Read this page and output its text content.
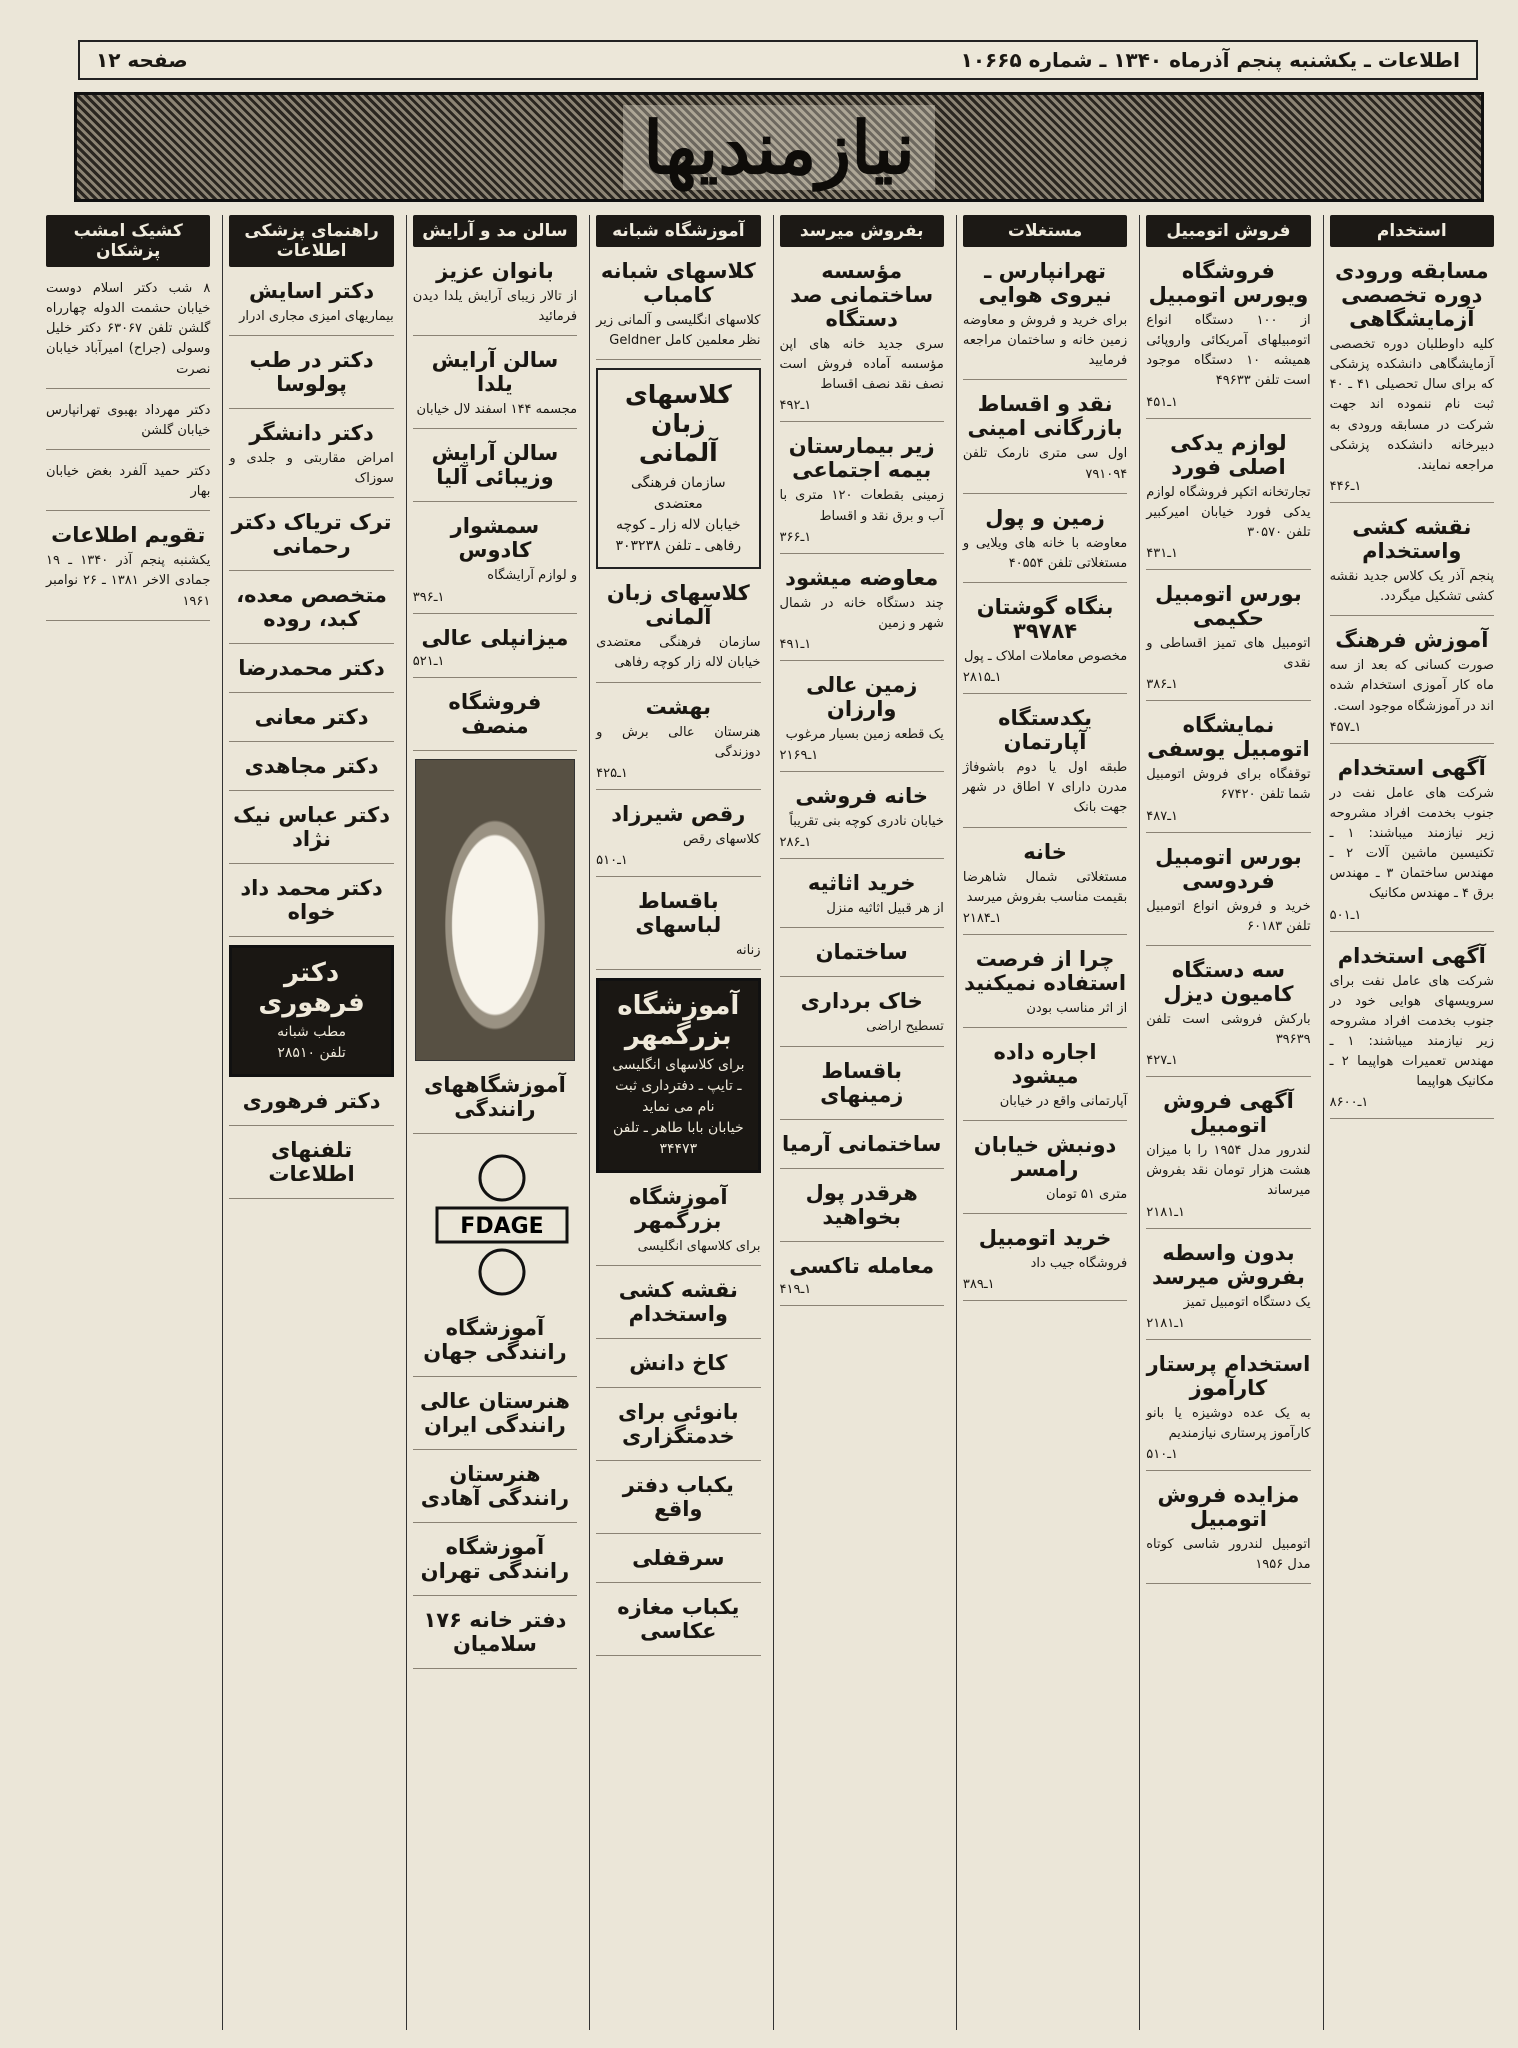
اطلاعات ـ یکشنبه پنجم آذرماه ۱۳۴۰ ـ شماره ۱۰۶۶۵
صفحه ۱۲
نیازمندیها
استخدام
مسابقه ورودی دوره تخصصی آزمایشگاهی

کلیه داوطلبان دوره تخصصی آزمایشگاهی دانشکده پزشکی که برای سال تحصیلی ۴۱ ـ ۴۰ ثبت نام ننموده اند جهت شرکت در مسابقه ورودی به دبیرخانه دانشکده پزشکی مراجعه نمایند.

۱ـ۴۴۶
نقشه کشی واستخدام

پنجم آذر یک کلاس جدید نقشه کشی تشکیل میگردد.

آموزش فرهنگ

صورت کسانی که بعد از سه ماه کار آموزی استخدام شده اند در آموزشگاه موجود است.

۱ـ۴۵۷
آگهی استخدام

شرکت های عامل نفت در جنوب بخدمت افراد مشروحه زیر نیازمند میباشند: ۱ ـ تکنیسین ماشین آلات ۲ ـ مهندس ساختمان ۳ ـ مهندس برق ۴ ـ مهندس مکانیک

۱ـ۵۰۱
آگهی استخدام

شرکت های عامل نفت برای سرویسهای هوایی خود در جنوب بخدمت افراد مشروحه زیر نیازمند میباشند: ۱ ـ مهندس تعمیرات هواپیما ۲ ـ مکانیک هواپیما

۱ـ۸۶۰۰
فروش اتومبیل
فروشگاه ویورس اتومبیل

از ۱۰۰ دستگاه انواع اتومبیلهای آمریکائی واروپائی همیشه ۱۰ دستگاه موجود است تلفن ۴۹۶۳۳

۱ـ۴۵۱
لوازم یدکی اصلی فورد

تجارتخانه اتکپر فروشگاه لوازم یدکی فورد خیابان امیرکبیر تلفن ۳۰۵۷۰

۱ـ۴۳۱
بورس اتومبیل حکیمی

اتومبیل های تمیز اقساطی و نقدی

۱ـ۳۸۶
نمایشگاه اتومبیل یوسفی

توقفگاه برای فروش اتومبیل شما تلفن ۶۷۴۲۰

۱ـ۴۸۷
بورس اتومبیل فردوسی

خرید و فروش انواع اتومبیل تلفن ۶۰۱۸۳

سه دستگاه کامیون دیزل

بارکش فروشی است تلفن ۳۹۶۳۹

۱ـ۴۲۷
آگهی فروش اتومبیل

لندرور مدل ۱۹۵۴ را با میزان هشت هزار تومان نقد بفروش میرساند

۱ـ۲۱۸۱
بدون واسطه بفروش میرسد

یک دستگاه اتومبیل تمیز

۱ـ۲۱۸۱
استخدام پرستار کارآموز

به یک عده دوشیزه یا بانو کارآموز پرستاری نیازمندیم

۱ـ۵۱۰
مزایده فروش اتومبیل

اتومبیل لندرور شاسی کوتاه مدل ۱۹۵۶

مستغلات
تهرانپارس ـ نیروی هوایی

برای خرید و فروش و معاوضه زمین خانه و ساختمان مراجعه فرمایید

نقد و اقساط بازرگانی امینی

اول سی متری نارمک تلفن ۷۹۱۰۹۴

زمین و پول

معاوضه با خانه های ویلایی و مستغلاتی تلفن ۴۰۵۵۴

بنگاه گوشتان ۳۹۷۸۴

مخصوص معاملات املاک ـ پول

۱ـ۲۸۱۵
یکدستگاه آپارتمان

طبقه اول یا دوم باشوفاژ مدرن دارای ۷ اطاق در شهر جهت بانک

خانه

مستغلاتی شمال شاهرضا بقیمت مناسب بفروش میرسد

۱ـ۲۱۸۴
چرا از فرصت استفاده نمیکنید

از اثر مناسب بودن

اجاره داده میشود

آپارتمانی واقع در خیابان

دونبش خیابان رامسر

متری ۵۱ تومان

خرید اتومبیل

فروشگاه جیب داد

۱ـ۳۸۹
بفروش میرسد
مؤسسه ساختمانی صد دستگاه

سری جدید خانه های اپن مؤسسه آماده فروش است نصف نقد نصف اقساط

۱ـ۴۹۲
زیر بیمارستان بیمه اجتماعی

زمینی بقطعات ۱۲۰ متری با آب و برق نقد و اقساط

۱ـ۳۶۶
معاوضه میشود

چند دستگاه خانه در شمال شهر و زمین

۱ـ۴۹۱
زمین عالی وارزان

یک قطعه زمین بسیار مرغوب

۱ـ۲۱۶۹
خانه فروشی

خیابان نادری کوچه بنی تقریباً

۱ـ۲۸۶
خرید اثاثیه

از هر قبیل اثاثیه منزل

ساختمان
خاک برداری

تسطیح اراضی

باقساط زمینهای
ساختمانی آرمیا
هرقدر پول بخواهید
معامله تاکسی
۱ـ۴۱۹
آموزشگاه شبانه
کلاسهای شبانه کامباب

کلاسهای انگلیسی و آلمانی زیر نظر معلمین کامل Geldner

کلاسهای زبان آلمانی
سازمان فرهنگی معتضدی
خیابان لاله زار ـ کوچه رفاهی ـ تلفن ۳۰۳۲۳۸
کلاسهای زبان آلمانی

سازمان فرهنگی معتضدی خیابان لاله زار کوچه رفاهی

بهشت

هنرستان عالی برش و دوزندگی

۱ـ۴۲۵
رقص شیرزاد

کلاسهای رقص

۱ـ۵۱۰
باقساط لباسهای

زنانه

آموزشگاه بزرگمهر
برای کلاسهای انگلیسی ـ تایپ ـ دفترداری ثبت نام می نماید
خیابان بابا طاهر ـ تلفن ۳۴۴۷۳
آموزشگاه بزرگمهر

برای کلاسهای انگلیسی

نقشه کشی واستخدام
کاخ دانش
بانوئی برای خدمتگزاری
یکباب دفتر واقع
سرقفلی
یکباب مغازه عکاسی
سالن مد و آرایش
بانوان عزیز

از تالار زیبای آرایش یلدا دیدن فرمائید

سالن آرایش یلدا

مجسمه ۱۴۴ اسفند لال خیابان

سالن آرایش وزیبائی آلیا
سمشوار کادوس

و لوازم آرایشگاه

۱ـ۳۹۶
میزانپلی عالی
۱ـ۵۲۱
فروشگاه منصف
آموزشگاههای رانندگی
FDAGE
آموزشگاه رانندگی جهان
هنرستان عالی رانندگی ایران
هنرستان رانندگی آهادی
آموزشگاه رانندگی تهران
دفتر خانه ۱۷۶ سلامیان
راهنمای پزشکی اطلاعات
دکتر اسایش

بیماریهای امیزی مجاری ادرار

دکتر در طب پولوسا
دکتر دانشگر

امراض مقاربتی و جلدی و سوزاک

ترک تریاک دکتر رحمانی
متخصص معده، کبد، روده
دکتر محمدرضا
دکتر معانی
دکتر مجاهدی
دکتر عباس نیک نژاد
دکتر محمد داد خواه
دکتر فرهوری
مطب شبانه
تلفن ۲۸۵۱۰
دکتر فرهوری
تلفنهای اطلاعات
کشیک امشب پزشکان

۸ شب دکتر اسلام دوست خیابان حشمت الدوله چهارراه گلشن تلفن ۶۳۰۶۷ دکتر خلیل وسولی (جراح) امیرآباد خیابان نصرت

دکتر مهرداد بهبوی تهرانپارس خیابان گلشن

دکتر حمید آلفرد بغض خیابان بهار

تقویم اطلاعات

یکشنبه پنجم آذر ۱۳۴۰ ـ ۱۹ جمادی الاخر ۱۳۸۱ ـ ۲۶ نوامبر ۱۹۶۱
